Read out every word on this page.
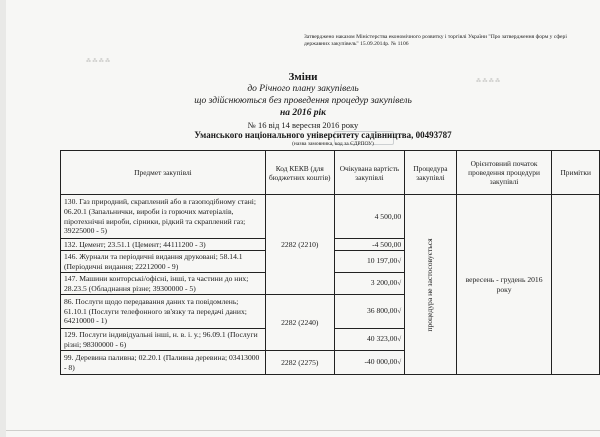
⁂ ⁂ ⁂ ⁂
⁂ ⁂ ⁂ ⁂
Затверджено наказом Міністерства економічного розвитку і торгівлі України "Про затвердження форм у сфері державних закупівель" 15.09.2014р. № 1106
Зміни
до Річного плану закупівель
що здійснюються без проведення процедур закупівель
на 2016 рік
№ 16 від 14 вересня 2016 року
Уманського національного університету садівництва, 00493787
(назва замовника, код за ЄДРПОУ)
Предмет закупівлі	Код КЕКВ (для бюджетних коштів)	Очікувана вартість закупівлі	Процедура закупівлі	Орієнтовний початок проведення процедури закупівлі	Примітки
130. Газ природний, скраплений або в газоподібному стані; 06.20.1 (Запальнички, вироби із горючих матеріалів, піротехнічні вироби, сірники, рідкий та скраплений газ; 39225000 - 5)	2282 (2210)	4 500,00	процедура не застосовується	вересень - грудень 2016 року	
132. Цемент; 23.51.1 (Цемент; 44111200 - 3)		-4 500,00			
146. Журнали та періодичні видання друковані; 58.14.1 (Періодичні видання; 22212000 - 9)		10 197,00√			
147. Машини конторські/офісні, інші, та частини до них; 28.23.5 (Обладнання різне; 39300000 - 5)		3 200,00√			
86. Послуги щодо передавання даних та повідомлень; 61.10.1 (Послуги телефонного зв'язку та передачі даних; 64210000 - 1)	2282 (2240)	36 800,00√			
129. Послуги індивідуальні інші, н. в. і. у.; 96.09.1 (Послуги різні; 98300000 - 6)		40 323,00√			
99. Деревина паливна; 02.20.1 (Паливна деревина; 03413000 - 8)	2282 (2275)	-40 000,00√			
